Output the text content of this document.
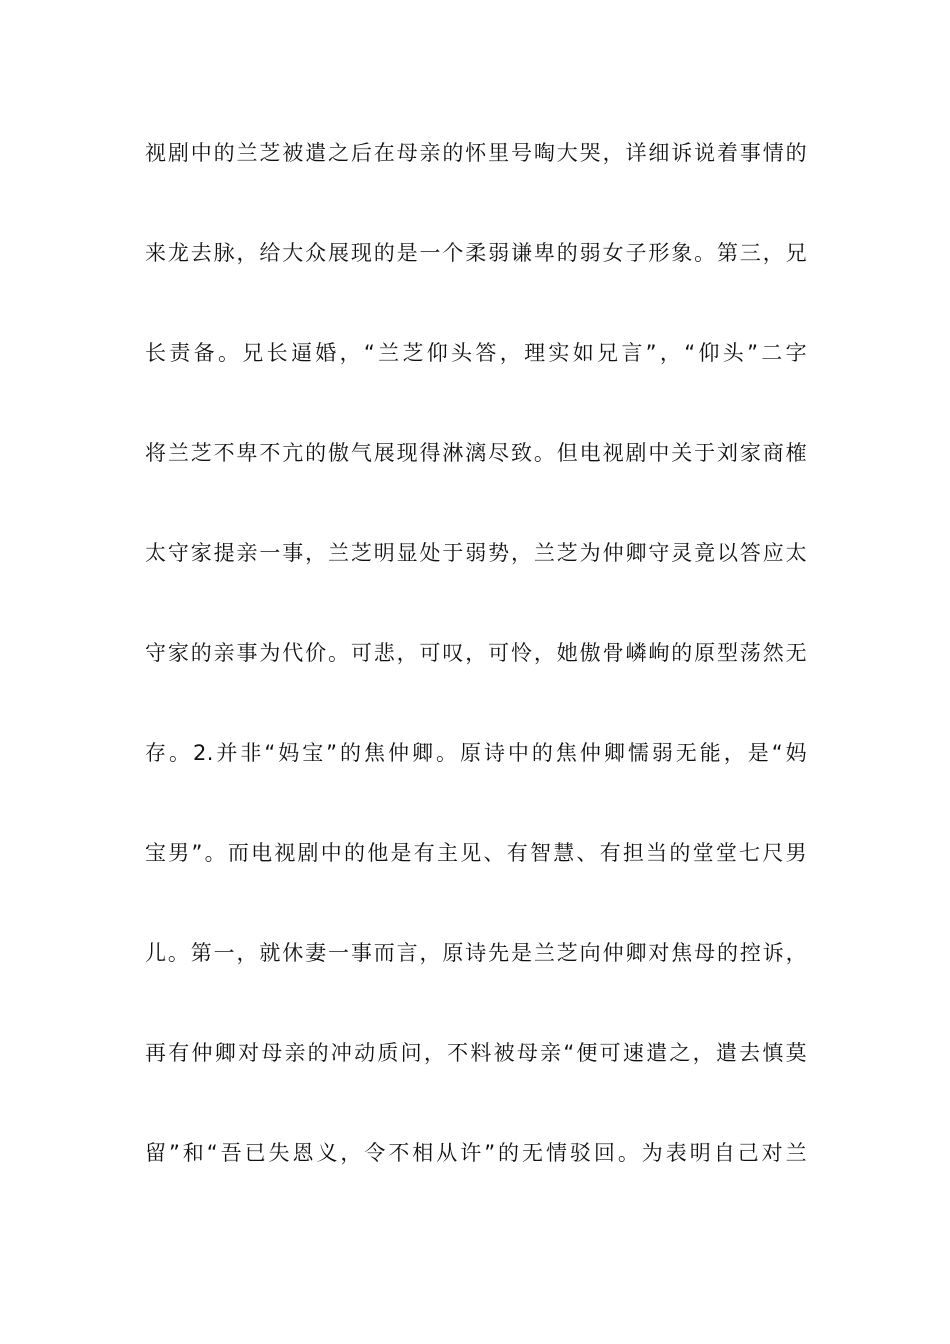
视剧中的兰芝被遣之后在母亲的怀里号啕大哭，详细诉说着事情的
来龙去脉，给大众展现的是一个柔弱谦卑的弱女子形象。第三，兄
长责备。兄长逼婚，“兰芝仰头答，理实如兄言”，“仰头”二字
将兰芝不卑不亢的傲气展现得淋漓尽致。但电视剧中关于刘家商榷
太守家提亲一事，兰芝明显处于弱势，兰芝为仲卿守灵竟以答应太
守家的亲事为代价。可悲，可叹，可怜，她傲骨嶙峋的原型荡然无
存。2.并非“妈宝”的焦仲卿。原诗中的焦仲卿懦弱无能，是“妈
宝男”。而电视剧中的他是有主见、有智慧、有担当的堂堂七尺男
儿。第一，就休妻一事而言，原诗先是兰芝向仲卿对焦母的控诉，
再有仲卿对母亲的冲动质问，不料被母亲“便可速遣之，遣去慎莫
留”和“吾已失恩义，令不相从许”的无情驳回。为表明自己对兰
